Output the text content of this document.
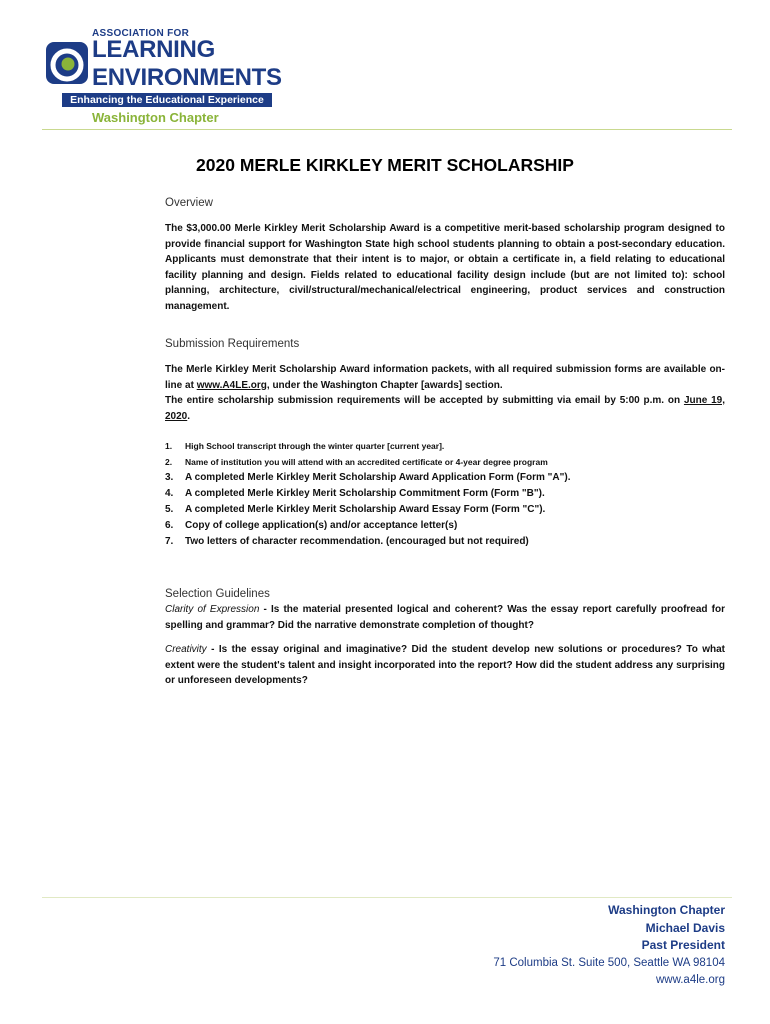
ASSOCIATION FOR
LEARNING
ENVIRONMENTS
Enhancing the Educational Experience
Washington Chapter
2020 MERLE KIRKLEY MERIT SCHOLARSHIP
Overview
The $3,000.00 Merle Kirkley Merit Scholarship Award is a competitive merit-based scholarship program designed to provide financial support for Washington State high school students planning to obtain a post-secondary education. Applicants must demonstrate that their intent is to major, or obtain a certificate in, a field relating to educational facility planning and design. Fields related to educational facility design include (but are not limited to): school planning, architecture, civil/structural/mechanical/electrical engineering, product services and construction management.
Submission Requirements
The Merle Kirkley Merit Scholarship Award information packets, with all required submission forms are available on-line at www.A4LE.org, under the Washington Chapter [awards] section.
The entire scholarship submission requirements will be accepted by submitting via email by 5:00 p.m. on June 19, 2020.
1. High School transcript through the winter quarter [current year].
2. Name of institution you will attend with an accredited certificate or 4-year degree program
3. A completed Merle Kirkley Merit Scholarship Award Application Form (Form "A").
4. A completed Merle Kirkley Merit Scholarship Commitment Form (Form "B").
5. A completed Merle Kirkley Merit Scholarship Award Essay Form (Form "C").
6. Copy of college application(s) and/or acceptance letter(s)
7. Two letters of character recommendation. (encouraged but not required)
Selection Guidelines
Clarity of Expression - Is the material presented logical and coherent? Was the essay report carefully proofread for spelling and grammar? Did the narrative demonstrate completion of thought?
Creativity - Is the essay original and imaginative? Did the student develop new solutions or procedures? To what extent were the student's talent and insight incorporated into the report? How did the student address any surprising or unforeseen developments?
Washington Chapter
Michael Davis
Past President
71 Columbia St. Suite 500, Seattle WA 98104
www.a4le.org
